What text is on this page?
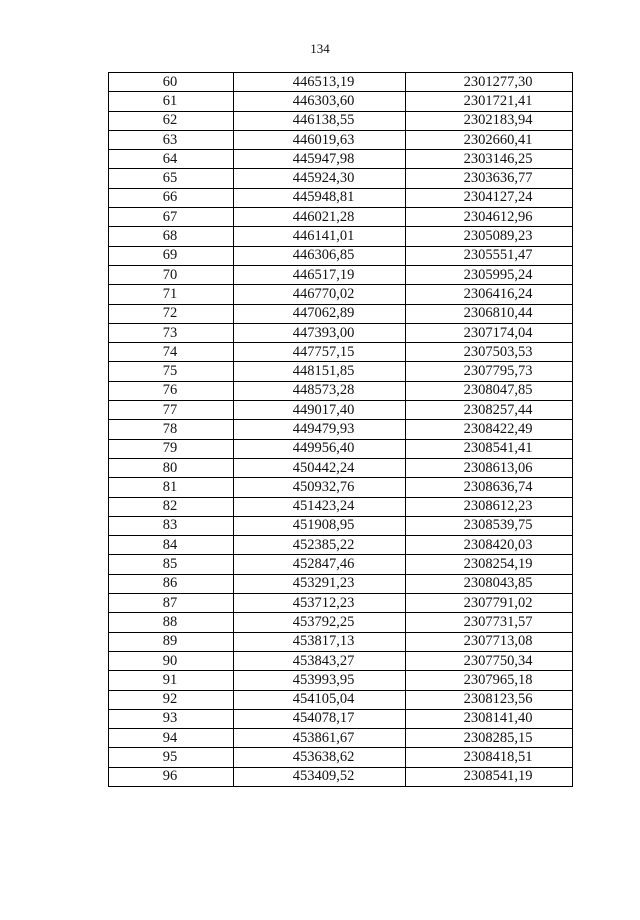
134
60	446513,19	2301277,30
61	446303,60	2301721,41
62	446138,55	2302183,94
63	446019,63	2302660,41
64	445947,98	2303146,25
65	445924,30	2303636,77
66	445948,81	2304127,24
67	446021,28	2304612,96
68	446141,01	2305089,23
69	446306,85	2305551,47
70	446517,19	2305995,24
71	446770,02	2306416,24
72	447062,89	2306810,44
73	447393,00	2307174,04
74	447757,15	2307503,53
75	448151,85	2307795,73
76	448573,28	2308047,85
77	449017,40	2308257,44
78	449479,93	2308422,49
79	449956,40	2308541,41
80	450442,24	2308613,06
81	450932,76	2308636,74
82	451423,24	2308612,23
83	451908,95	2308539,75
84	452385,22	2308420,03
85	452847,46	2308254,19
86	453291,23	2308043,85
87	453712,23	2307791,02
88	453792,25	2307731,57
89	453817,13	2307713,08
90	453843,27	2307750,34
91	453993,95	2307965,18
92	454105,04	2308123,56
93	454078,17	2308141,40
94	453861,67	2308285,15
95	453638,62	2308418,51
96	453409,52	2308541,19
